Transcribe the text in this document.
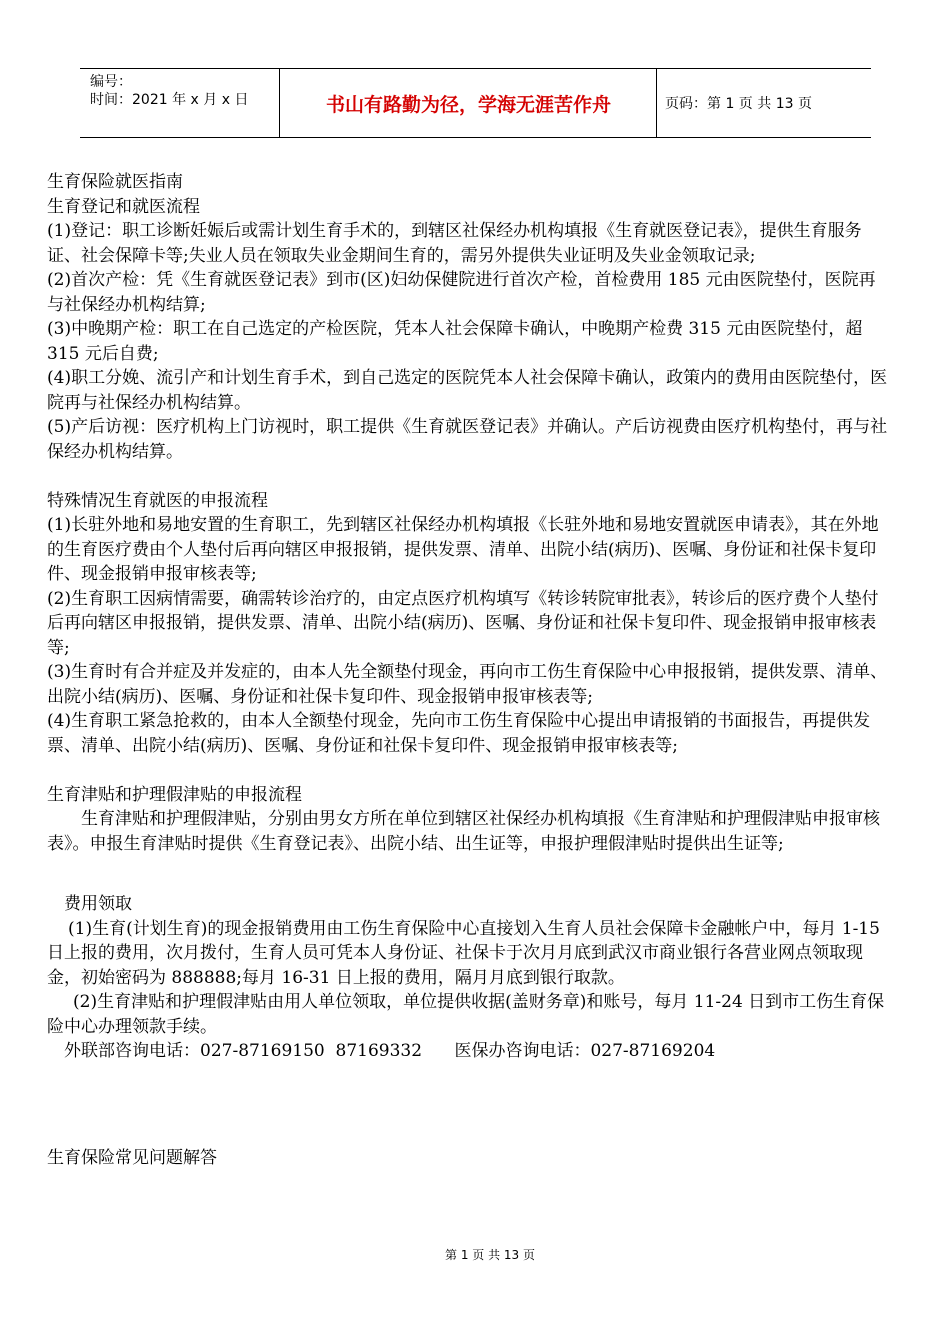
编号：
时间：2021 年 x 月 x 日	书山有路勤为径，学海无涯苦作舟	页码：第 1 页 共 13 页

生育保险就医指南

生育登记和就医流程

(1)登记：职工诊断妊娠后或需计划生育手术的，到辖区社保经办机构填报《生育就医登记表》，提供生育服务证、社会保障卡等;失业人员在领取失业金期间生育的，需另外提供失业证明及失业金领取记录;

(2)首次产检：凭《生育就医登记表》到市(区)妇幼保健院进行首次产检，首检费用 185 元由医院垫付，医院再与社保经办机构结算;

(3)中晚期产检：职工在自己选定的产检医院，凭本人社会保障卡确认，中晚期产检费 315 元由医院垫付，超 315 元后自费;

(4)职工分娩、流引产和计划生育手术，到自己选定的医院凭本人社会保障卡确认，政策内的费用由医院垫付，医院再与社保经办机构结算。

(5)产后访视：医疗机构上门访视时，职工提供《生育就医登记表》并确认。产后访视费由医疗机构垫付，再与社保经办机构结算。

特殊情况生育就医的申报流程

(1)长驻外地和易地安置的生育职工，先到辖区社保经办机构填报《长驻外地和易地安置就医申请表》，其在外地的生育医疗费由个人垫付后再向辖区申报报销，提供发票、清单、出院小结(病历)、医嘱、身份证和社保卡复印件、现金报销申报审核表等;

(2)生育职工因病情需要，确需转诊治疗的，由定点医疗机构填写《转诊转院审批表》，转诊后的医疗费个人垫付后再向辖区申报报销，提供发票、清单、出院小结(病历)、医嘱、身份证和社保卡复印件、现金报销申报审核表等;

(3)生育时有合并症及并发症的，由本人先全额垫付现金，再向市工伤生育保险中心申报报销，提供发票、清单、出院小结(病历)、医嘱、身份证和社保卡复印件、现金报销申报审核表等;

(4)生育职工紧急抢救的，由本人全额垫付现金，先向市工伤生育保险中心提出申请报销的书面报告，再提供发票、清单、出院小结(病历)、医嘱、身份证和社保卡复印件、现金报销申报审核表等;

生育津贴和护理假津贴的申报流程

生育津贴和护理假津贴，分别由男女方所在单位到辖区社保经办机构填报《生育津贴和护理假津贴申报审核表》。申报生育津贴时提供《生育登记表》、出院小结、出生证等，申报护理假津贴时提供出生证等;

费用领取

(1)生育(计划生育)的现金报销费用由工伤生育保险中心直接划入生育人员社会保障卡金融帐户中，每月 1-15 日上报的费用，次月拨付，生育人员可凭本人身份证、社保卡于次月月底到武汉市商业银行各营业网点领取现金，初始密码为 888888;每月 16-31 日上报的费用，隔月月底到银行取款。

(2)生育津贴和护理假津贴由用人单位领取，单位提供收据(盖财务章)和账号，每月 11-24 日到市工伤生育保险中心办理领款手续。

外联部咨询电话：027-87169150  87169332      医保办咨询电话：027-87169204

生育保险常见问题解答

第 1 页 共 13 页
